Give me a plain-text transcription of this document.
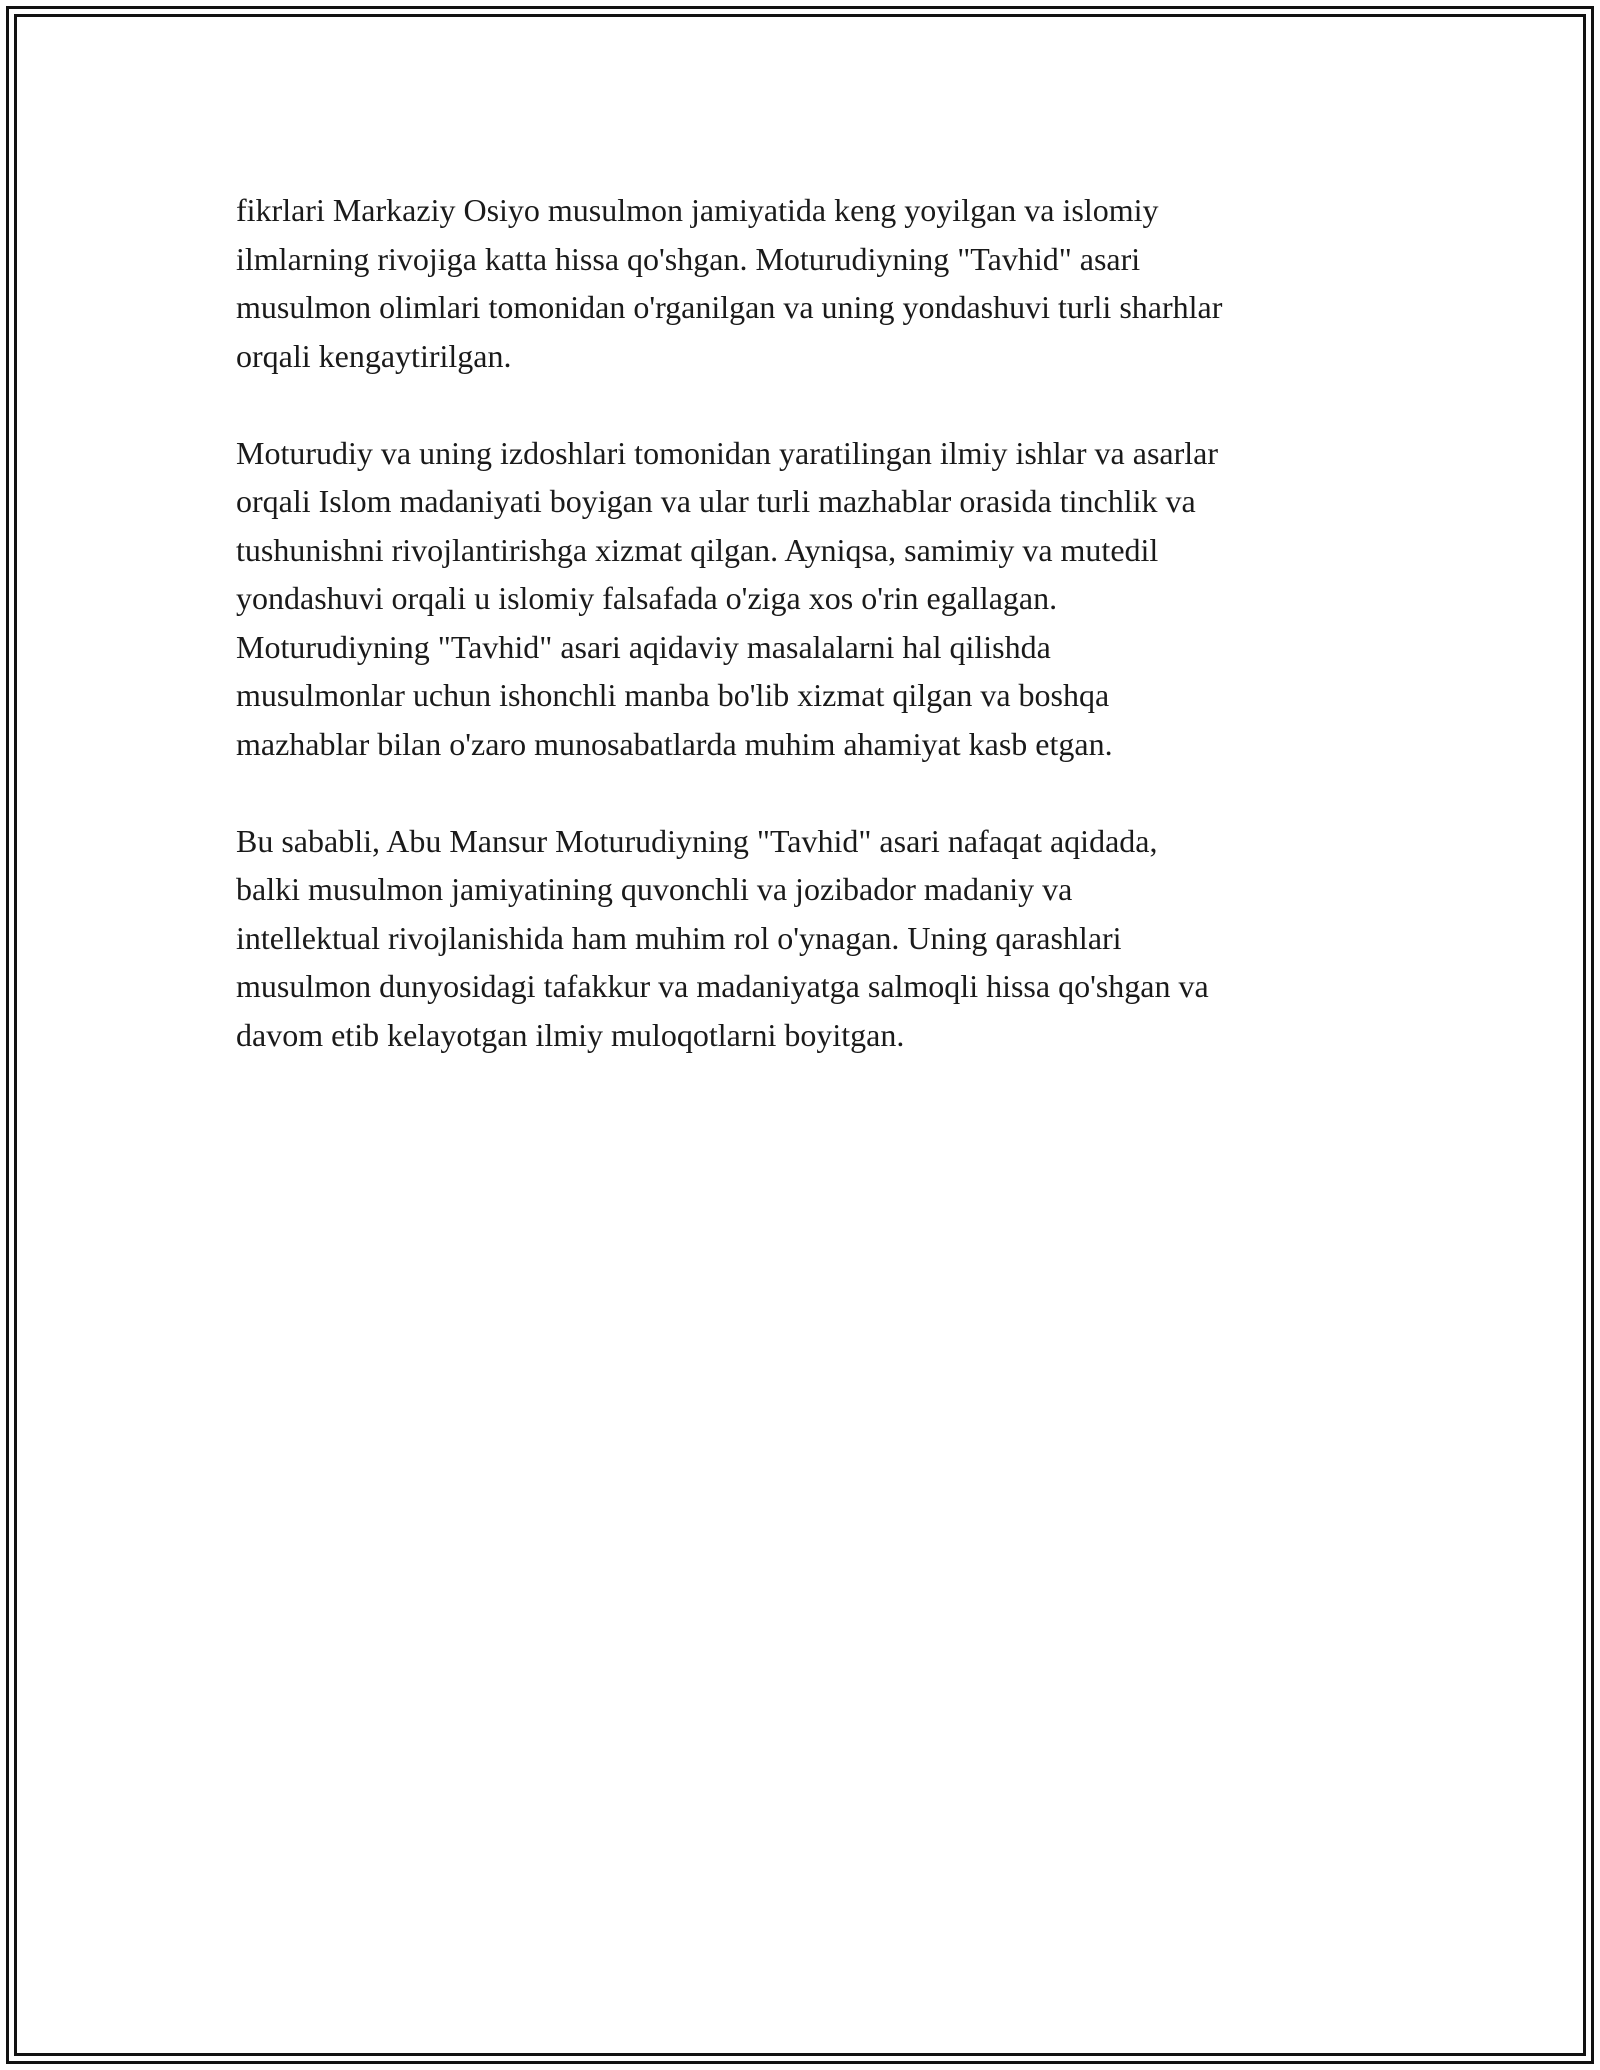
fikrlari Markaziy Osiyo musulmon jamiyatida keng yoyilgan va islomiy
ilmlarning rivojiga katta hissa qo'shgan. Moturudiyning "Tavhid" asari
musulmon olimlari tomonidan o'rganilgan va uning yondashuvi turli sharhlar
orqali kengaytirilgan.

Moturudiy va uning izdoshlari tomonidan yaratilingan ilmiy ishlar va asarlar
orqali Islom madaniyati boyigan va ular turli mazhablar orasida tinchlik va
tushunishni rivojlantirishga xizmat qilgan. Ayniqsa, samimiy va mutedil
yondashuvi orqali u islomiy falsafada o'ziga xos o'rin egallagan.
Moturudiyning "Tavhid" asari aqidaviy masalalarni hal qilishda
musulmonlar uchun ishonchli manba bo'lib xizmat qilgan va boshqa
mazhablar bilan o'zaro munosabatlarda muhim ahamiyat kasb etgan.

Bu sababli, Abu Mansur Moturudiyning "Tavhid" asari nafaqat aqidada,
balki musulmon jamiyatining quvonchli va jozibador madaniy va
intellektual rivojlanishida ham muhim rol o'ynagan. Uning qarashlari
musulmon dunyosidagi tafakkur va madaniyatga salmoqli hissa qo'shgan va
davom etib kelayotgan ilmiy muloqotlarni boyitgan.
